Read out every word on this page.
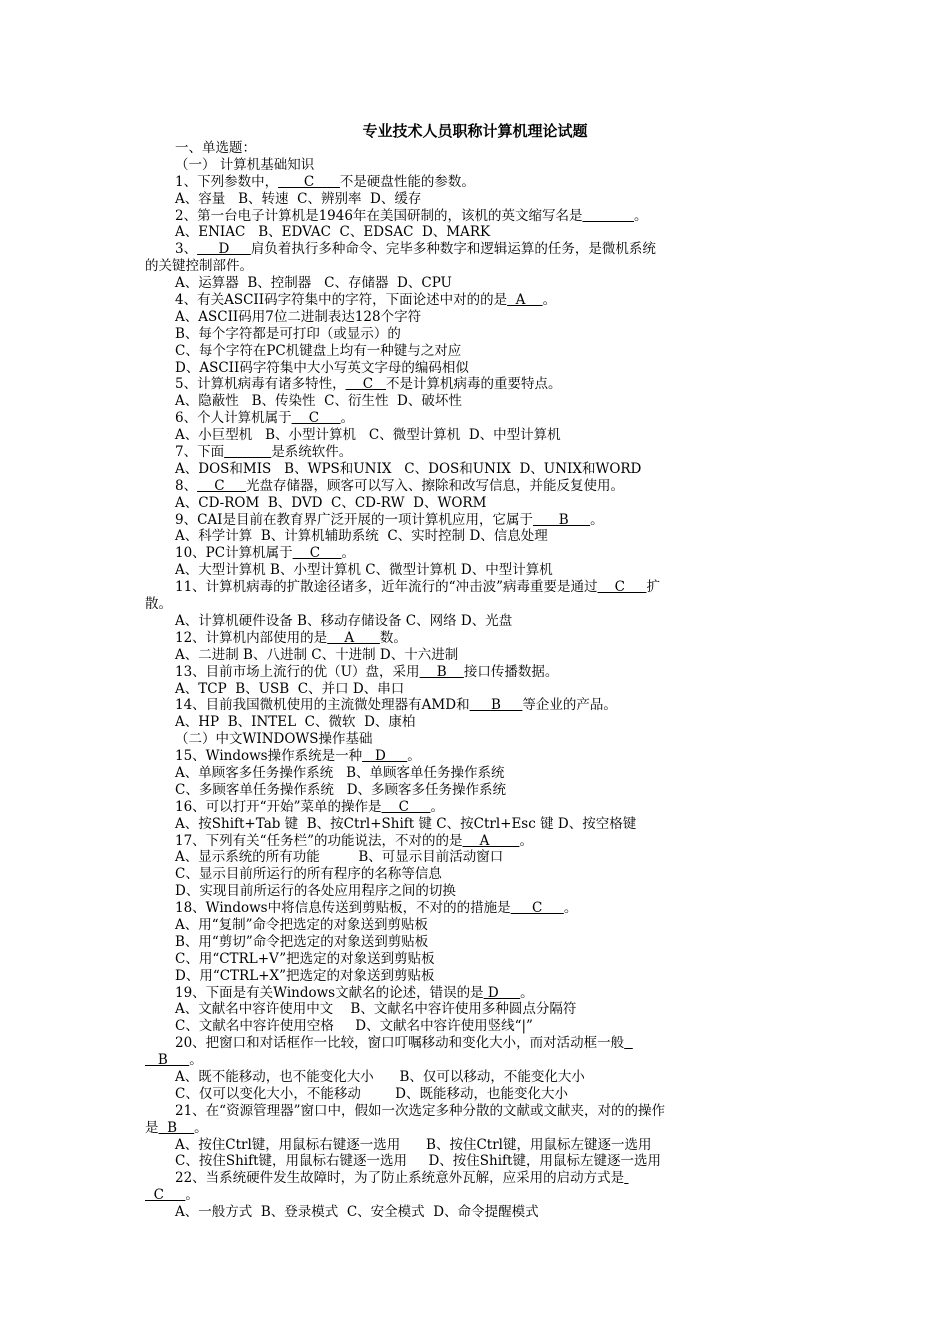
专业技术人员职称计算机理论试题
一、单选题：
（一） 计算机基础知识
1、下列参数中，      C      不是硬盘性能的参数。
A、容量   B、转速  C、辨别率  D、缓存
2、第一台电子计算机是1946年在美国研制的，该机的英文缩写名是	。
A、ENIAC   B、EDVAC  C、EDSAC  D、MARK
3、     D     肩负着执行多种命令、完毕多种数字和逻辑运算的任务，是微机系统
的关键控制部件。
A、运算器  B、控制器   C、存储器  D、CPU
4、有关ASCII码字符集中的字符，下面论述中对的的是  A    。
A、ASCII码用7位二进制表达128个字符
B、每个字符都是可打印（或显示）的
C、每个字符在PC机键盘上均有一种键与之对应
D、ASCII码字符集中大小写英文字母的编码相似
5、计算机病毒有诸多特性，    C   不是计算机病毒的重要特点。
A、隐蔽性   B、传染性  C、衍生性  D、破坏性
6、个人计算机属于    C     。
A、小巨型机   B、小型计算机   C、微型计算机  D、中型计算机
7、下面	是系统软件。
A、DOS和MIS   B、WPS和UNIX   C、DOS和UNIX  D、UNIX和WORD
8、    C     光盘存储器，顾客可以写入、擦除和改写信息，并能反复使用。
A、CD-ROM  B、DVD  C、CD-RW  D、WORM
9、CAI是目前在教育界广泛开展的一项计算机应用，它属于      B     。
A、科学计算  B、计算机辅助系统  C、实时控制 D、信息处理
10、PC计算机属于    C     。
A、大型计算机 B、小型计算机 C、微型计算机 D、中型计算机
11、计算机病毒的扩散途径诸多，近年流行的“冲击波”病毒重要是通过    C     扩
散。
A、计算机硬件设备 B、移动存储设备 C、网络 D、光盘
12、计算机内部使用的是    A      数。
A、二进制 B、八进制 C、十进制 D、十六进制
13、目前市场上流行的优（U）盘，采用    B    接口传播数据。
A、TCP  B、USB  C、并口 D、串口
14、目前我国微机使用的主流微处理器有AMD和     B     等企业的产品。
A、HP  B、INTEL  C、微软  D、康柏
（二）中文WINDOWS操作基础
15、Windows操作系统是一种   D     。
A、单顾客多任务操作系统   B、单顾客单任务操作系统
C、多顾客单任务操作系统   D、多顾客多任务操作系统
16、可以打开“开始”菜单的操作是    C     。
A、按Shift+Tab 键  B、按Ctrl+Shift 键 C、按Ctrl+Esc 键 D、按空格键
17、下列有关“任务栏”的功能说法，不对的的是    A       。
A、显示系统的所有功能         B、可显示目前活动窗口
C、显示目前所运行的所有程序的名称等信息
D、实现目前所运行的各处应用程序之间的切换
18、Windows中将信息传送到剪贴板，不对的的措施是     C     。
A、用“复制”命令把选定的对象送到剪贴板
B、用“剪切”命令把选定的对象送到剪贴板
C、用“CTRL+V”把选定的对象送到剪贴板
D、用“CTRL+X”把选定的对象送到剪贴板
19、下面是有关Windows文献名的论述，错误的是 D     。
A、文献名中容许使用中文    B、文献名中容许使用多种圆点分隔符
C、文献名中容许使用空格     D、文献名中容许使用竖线“|”
20、把窗口和对话框作一比较，窗口叮嘱移动和变化大小，而对活动框一般
B     。
A、既不能移动，也不能变化大小      B、仅可以移动，不能变化大小
C、仅可以变化大小，不能移动        D、既能移动，也能变化大小
21、在“资源管理器”窗口中，假如一次选定多种分散的文献或文献夹，对的的操作
是  B    。
A、按住Ctrl键，用鼠标右键逐一选用      B、按住Ctrl键，用鼠标左键逐一选用
C、按住Shift键，用鼠标右键逐一选用     D、按住Shift键，用鼠标左键逐一选用
22、当系统硬件发生故障时，为了防止系统意外瓦解，应采用的启动方式是
C     。
A、一般方式  B、登录模式  C、安全模式  D、命令提醒模式
